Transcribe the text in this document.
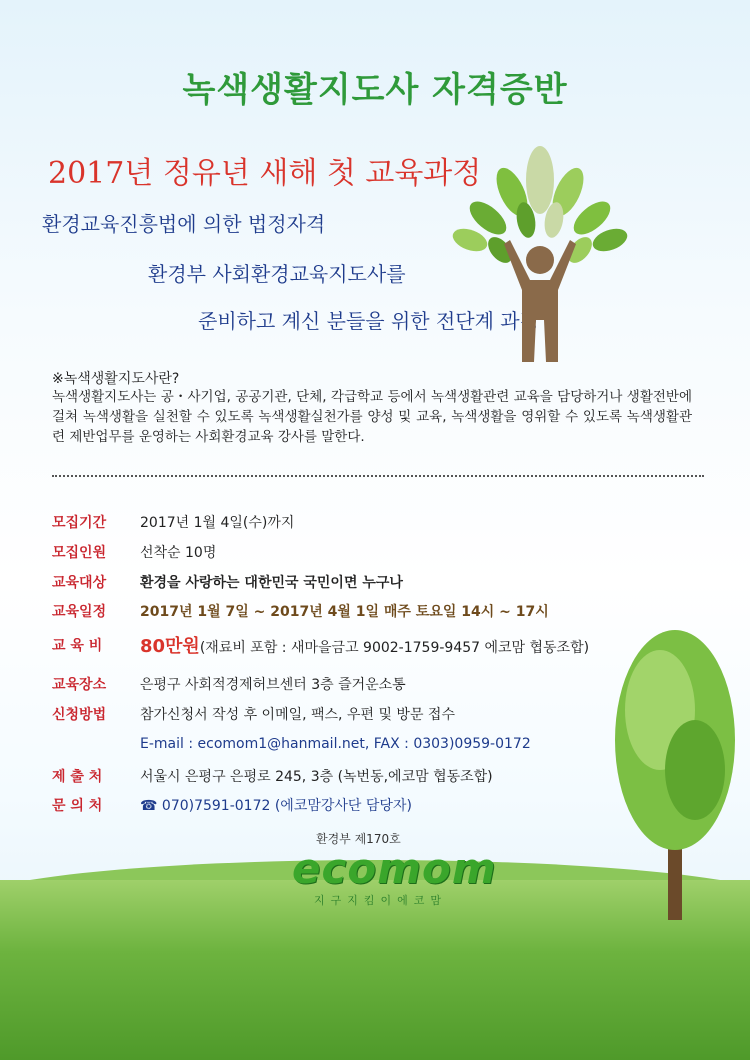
녹색생활지도사 자격증반
2017년 정유년 새해 첫 교육과정
환경교육진흥법에 의한 법정자격
환경부 사회환경교육지도사를
준비하고 계신 분들을 위한 전단계 과정
※녹색생활지도사란?
녹색생활지도사는 공・사기업, 공공기관, 단체, 각급학교 등에서 녹색생활관련 교육을 담당하거나 생활전반에 걸쳐 녹색생활을 실천할 수 있도록 녹색생활실천가를 양성 및 교육, 녹색생활을 영위할 수 있도록 녹색생활관련 제반업무를 운영하는 사회환경교육 강사를 말한다.
모집기간	2017년 1월 4일(수)까지
모집인원	선착순 10명
교육대상	환경을 사랑하는 대한민국 국민이면 누구나
교육일정	2017년 1월 7일 ~ 2017년 4월 1일 매주 토요일 14시 ~ 17시
교 육 비	80만원(재료비 포함 : 새마을금고 9002-1759-9457 에코맘 협동조합)
교육장소	은평구 사회적경제허브센터 3층 즐거운소통
신청방법	참가신청서 작성 후 이메일, 팩스, 우편 및 방문 접수
E-mail : ecomom1@hanmail.net, FAX : 0303)0959-0172
제 출 처	서울시 은평구 은평로 245, 3층 (녹번동,에코맘 협동조합)
문 의 처	☎ 070)7591-0172 (에코맘강사단 담당자)
환경부 제170호
ecomom
지구지킴이에코맘
